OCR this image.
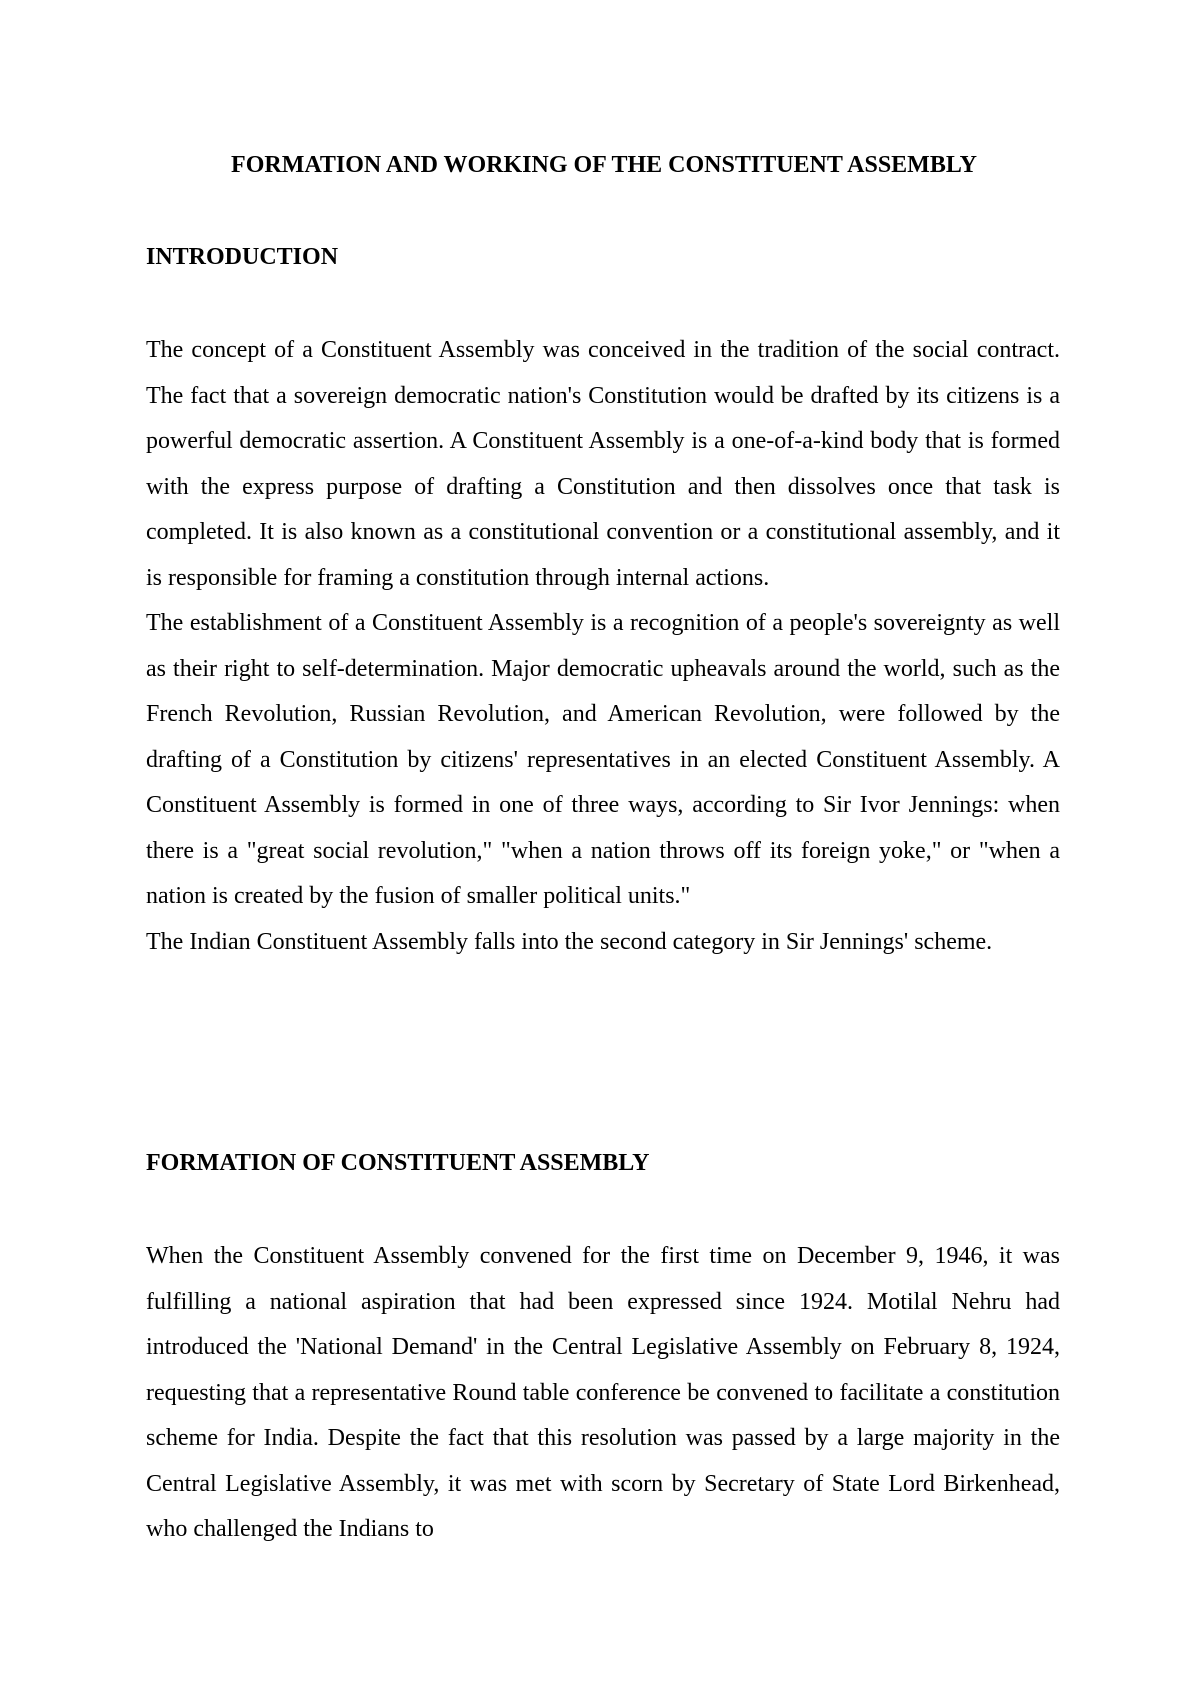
FORMATION AND WORKING OF THE CONSTITUENT ASSEMBLY
INTRODUCTION

The concept of a Constituent Assembly was conceived in the tradition of the social contract. The fact that a sovereign democratic nation's Constitution would be drafted by its citizens is a powerful democratic assertion. A Constituent Assembly is a one-of-a-kind body that is formed with the express purpose of drafting a Constitution and then dissolves once that task is completed. It is also known as a constitutional convention or a constitutional assembly, and it is responsible for framing a constitution through internal actions.

The establishment of a Constituent Assembly is a recognition of a people's sovereignty as well as their right to self-determination. Major democratic upheavals around the world, such as the French Revolution, Russian Revolution, and American Revolution, were followed by the drafting of a Constitution by citizens' representatives in an elected Constituent Assembly. A Constituent Assembly is formed in one of three ways, according to Sir Ivor Jennings: when there is a "great social revolution," "when a nation throws off its foreign yoke," or "when a nation is created by the fusion of smaller political units."

The Indian Constituent Assembly falls into the second category in Sir Jennings' scheme.

FORMATION OF CONSTITUENT ASSEMBLY

When the Constituent Assembly convened for the first time on December 9, 1946, it was fulfilling a national aspiration that had been expressed since 1924. Motilal Nehru had introduced the 'National Demand' in the Central Legislative Assembly on February 8, 1924, requesting that a representative Round table conference be convened to facilitate a constitution scheme for India. Despite the fact that this resolution was passed by a large majority in the Central Legislative Assembly, it was met with scorn by Secretary of State Lord Birkenhead, who challenged the Indians to
